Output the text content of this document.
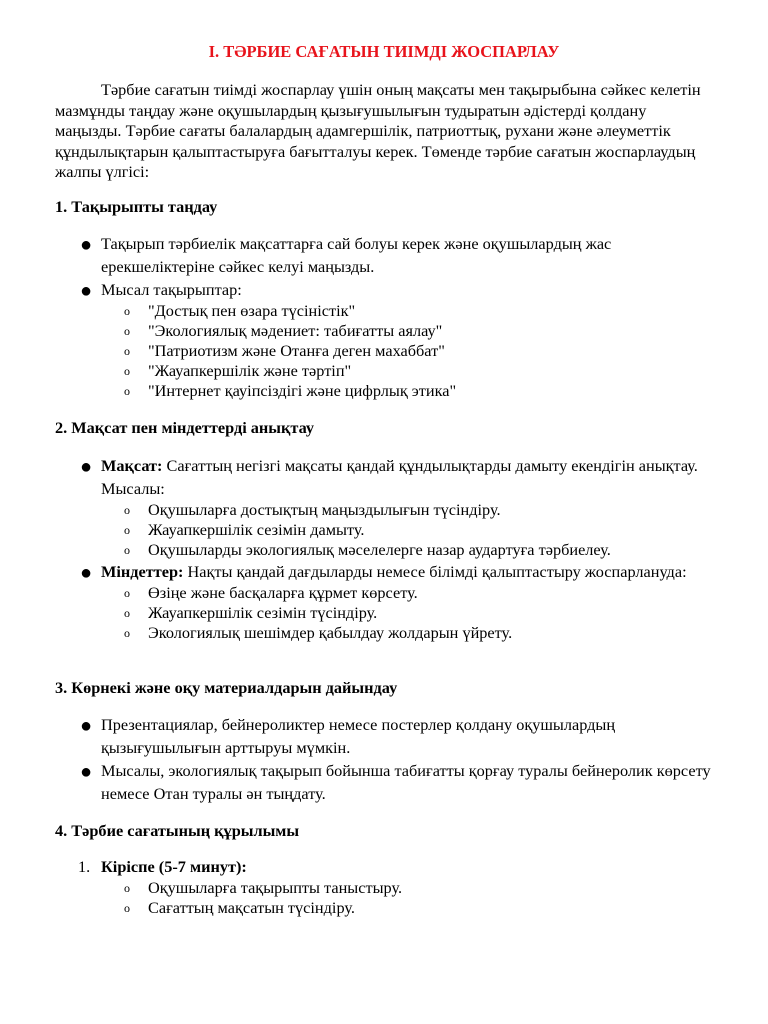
I. ТӘРБИЕ САҒАТЫН ТИІМДІ ЖОСПАРЛАУ

Тәрбие сағатын тиімді жоспарлау үшін оның мақсаты мен тақырыбына сәйкес келетін мазмұнды таңдау және оқушылардың қызығушылығын тудыратын әдістерді қолдану маңызды. Тәрбие сағаты балалардың адамгершілік, патриоттық, рухани және әлеуметтік құндылықтарын қалыптастыруға бағытталуы керек. Төменде тәрбие сағатын жоспарлаудың жалпы үлгісі:

1. Тақырыпты таңдау

● Тақырып тәрбиелік мақсаттарға сай болуы керек және оқушылардың жас ерекшеліктеріне сәйкес келуі маңызды.
● Мысал тақырыптар:
o "Достық пен өзара түсіністік"
o "Экологиялық мәдениет: табиғатты аялау"
o "Патриотизм және Отанға деген махаббат"
o "Жауапкершілік және тәртіп"
o "Интернет қауіпсіздігі және цифрлық этика"

2. Мақсат пен міндеттерді анықтау

● Мақсат: Сағаттың негізгі мақсаты қандай құндылықтарды дамыту екендігін анықтау. Мысалы:
o Оқушыларға достықтың маңыздылығын түсіндіру.
o Жауапкершілік сезімін дамыту.
o Оқушыларды экологиялық мәселелерге назар аудартуға тәрбиелеу.
● Міндеттер: Нақты қандай дағдыларды немесе білімді қалыптастыру жоспарлануда:
o Өзіңе және басқаларға құрмет көрсету.
o Жауапкершілік сезімін түсіндіру.
o Экологиялық шешімдер қабылдау жолдарын үйрету.

3. Көрнекі және оқу материалдарын дайындау

● Презентациялар, бейнероликтер немесе постерлер қолдану оқушылардың қызығушылығын арттыруы мүмкін.
● Мысалы, экологиялық тақырып бойынша табиғатты қорғау туралы бейнеролик көрсету немесе Отан туралы ән тыңдату.

4. Тәрбие сағатының құрылымы

1. Кіріспе (5-7 минут):
o Оқушыларға тақырыпты таныстыру.
o Сағаттың мақсатын түсіндіру.
